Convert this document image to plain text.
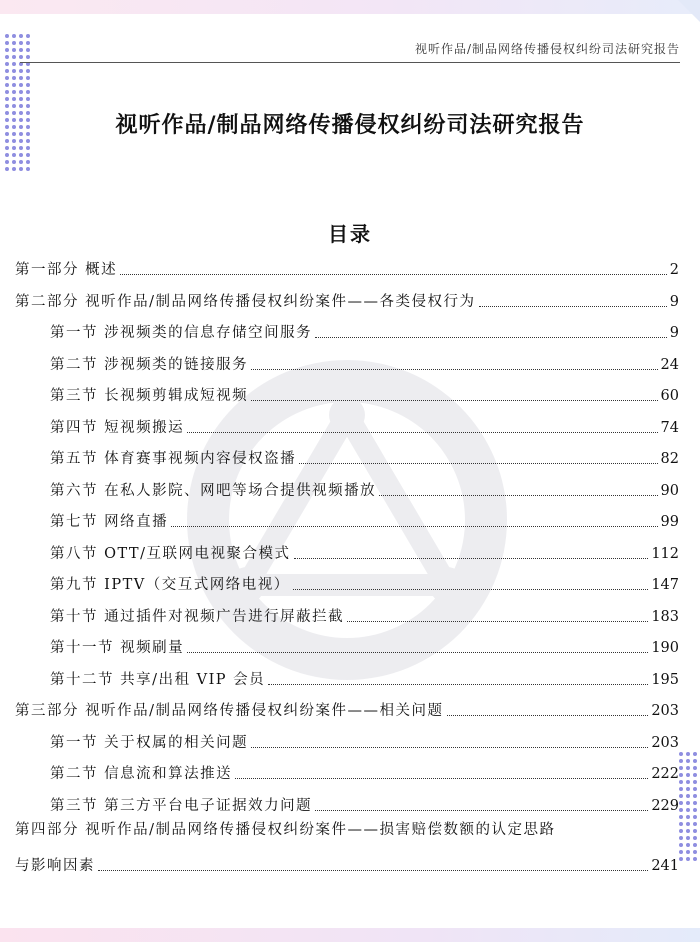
视听作品/制品网络传播侵权纠纷司法研究报告
视听作品/制品网络传播侵权纠纷司法研究报告
目录
第一部分 概述	2
第二部分 视听作品/制品网络传播侵权纠纷案件——各类侵权行为	9
第一节 涉视频类的信息存储空间服务	9
第二节 涉视频类的链接服务	24
第三节 长视频剪辑成短视频	60
第四节 短视频搬运	74
第五节 体育赛事视频内容侵权盗播	82
第六节 在私人影院、网吧等场合提供视频播放	90
第七节 网络直播	99
第八节 OTT/互联网电视聚合模式	112
第九节 IPTV（交互式网络电视）	147
第十节 通过插件对视频广告进行屏蔽拦截	183
第十一节 视频刷量	190
第十二节 共享/出租 VIP 会员	195
第三部分 视听作品/制品网络传播侵权纠纷案件——相关问题	203
第一节 关于权属的相关问题	203
第二节 信息流和算法推送	222
第三节 第三方平台电子证据效力问题	229
第四部分 视听作品/制品网络传播侵权纠纷案件——损害赔偿数额的认定思路
与影响因素	241
